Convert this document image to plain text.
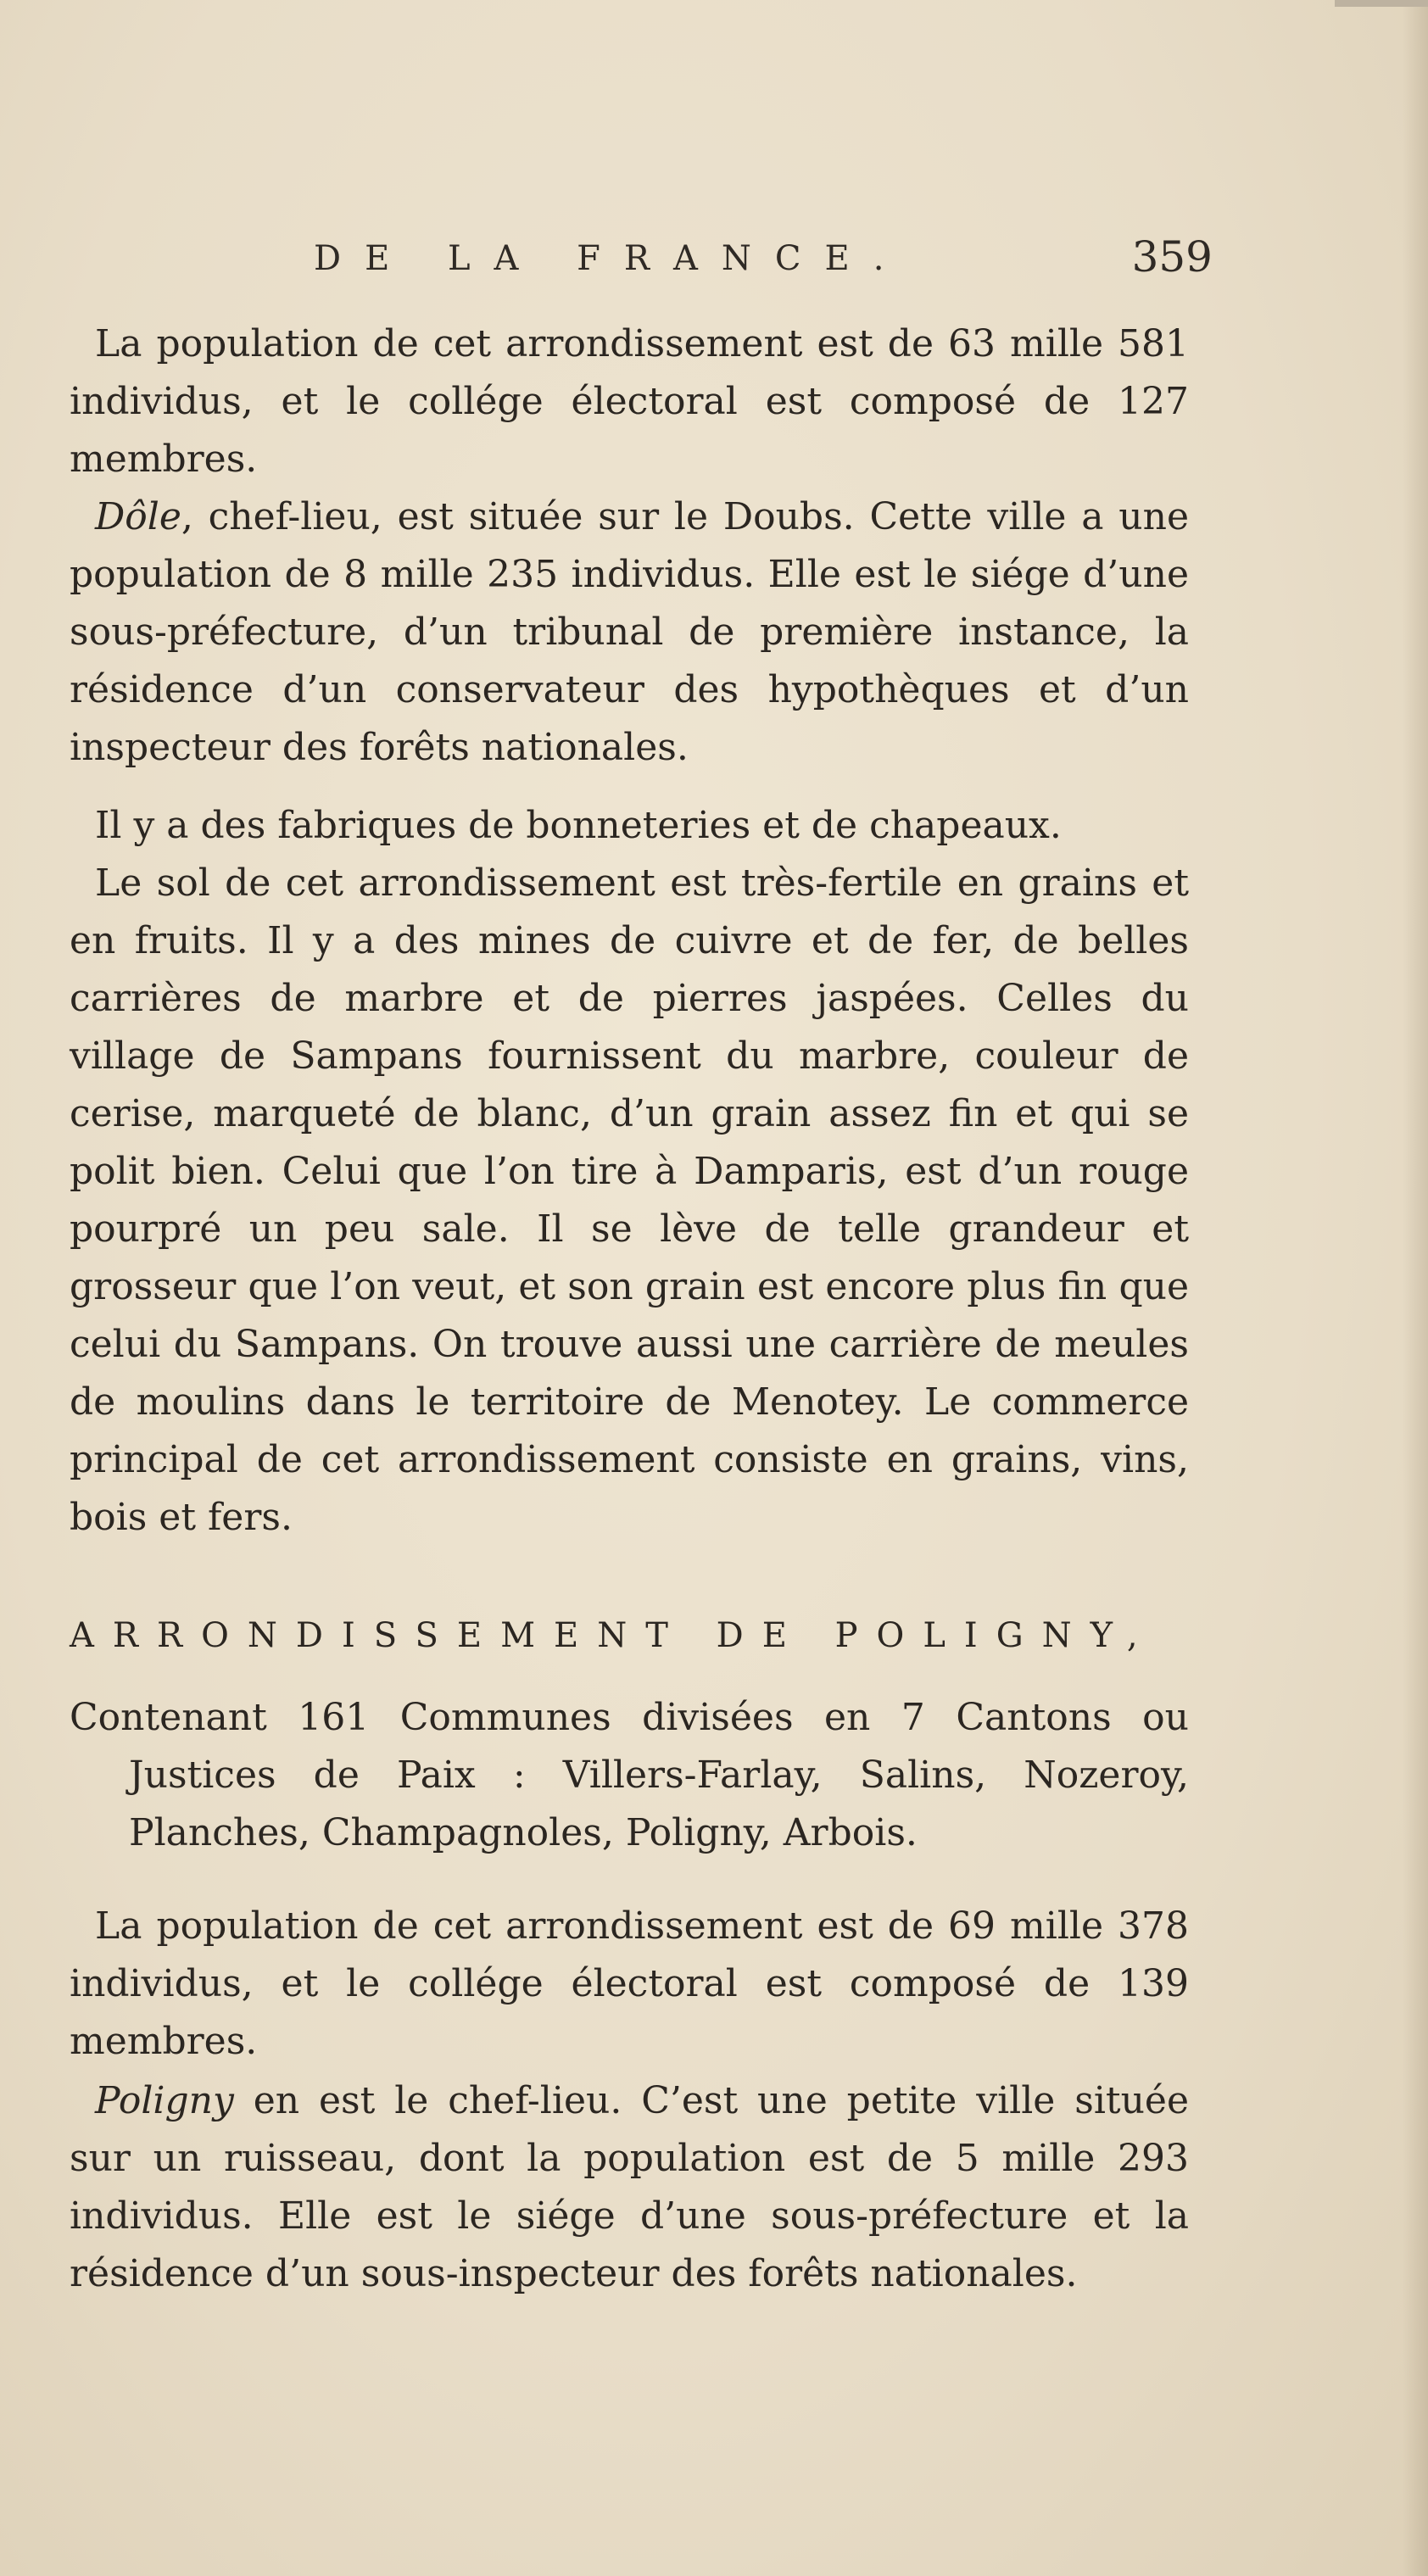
DE LA FRANCE.	359

La population de cet arrondissement est de 63 mille 581 individus, et le collége électoral est composé de 127 membres.

Dôle, chef-lieu, est située sur le Doubs. Cette ville a une population de 8 mille 235 individus. Elle est le siége d’une sous-préfecture, d’un tribunal de première instance, la résidence d’un conservateur des hypothèques et d’un inspecteur des forêts nationales.

Il y a des fabriques de bonneteries et de chapeaux.

Le sol de cet arrondissement est très-fertile en grains et en fruits. Il y a des mines de cuivre et de fer, de belles carrières de marbre et de pierres jaspées. Celles du village de Sampans fournissent du marbre, couleur de cerise, marqueté de blanc, d’un grain assez fin et qui se polit bien. Celui que l’on tire à Damparis, est d’un rouge pourpré un peu sale. Il se lève de telle grandeur et grosseur que l’on veut, et son grain est encore plus fin que celui du Sampans. On trouve aussi une carrière de meules de moulins dans le territoire de Menotey. Le commerce principal de cet arrondissement consiste en grains, vins, bois et fers.

ARRONDISSEMENT DE POLIGNY,

Contenant 161 Communes divisées en 7 Cantons ou Justices de Paix : Villers-Farlay, Salins, Nozeroy, Planches, Champagnoles, Poligny, Arbois.

La population de cet arrondissement est de 69 mille 378 individus, et le collége électoral est composé de 139 membres.

Poligny en est le chef-lieu. C’est une petite ville située sur un ruisseau, dont la population est de 5 mille 293 individus. Elle est le siége d’une sous-préfecture et la résidence d’un sous-inspecteur des forêts nationales.
